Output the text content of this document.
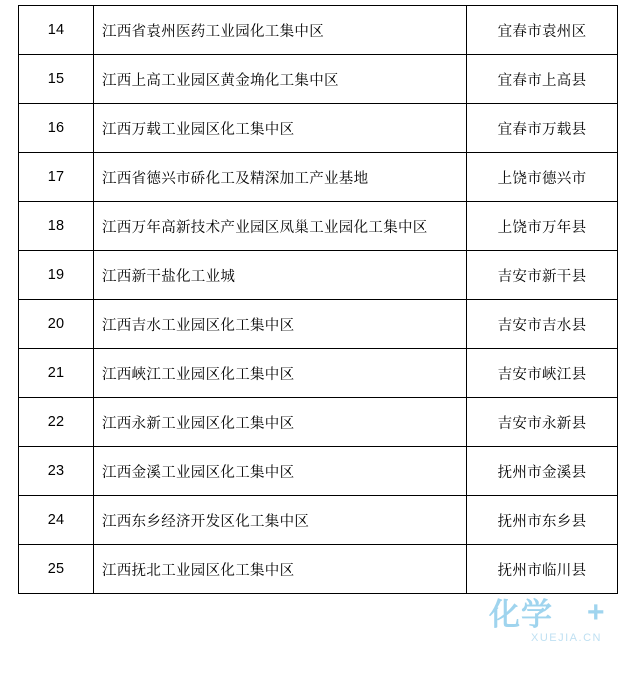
14	江西省袁州医药工业园化工集中区	宜春市袁州区
15	江西上高工业园区黄金埆化工集中区	宜春市上高县
16	江西万载工业园区化工集中区	宜春市万载县
17	江西省德兴市硚化工及精深加工产业基地	上饶市德兴市
18	江西万年高新技术产业园区凤巢工业园化工集中区	上饶市万年县
19	江西新干盐化工业城	吉安市新干县
20	江西吉水工业园区化工集中区	吉安市吉水县
21	江西峽江工业园区化工集中区	吉安市峽江县
22	江西永新工业园区化工集中区	吉安市永新县
23	江西金溪工业园区化工集中区	抚州市金溪县
24	江西东乡经济开发区化工集中区	抚州市东乡县
25	江西抚北工业园区化工集中区	抚州市临川县
化学 +
XUEJIA.CN
